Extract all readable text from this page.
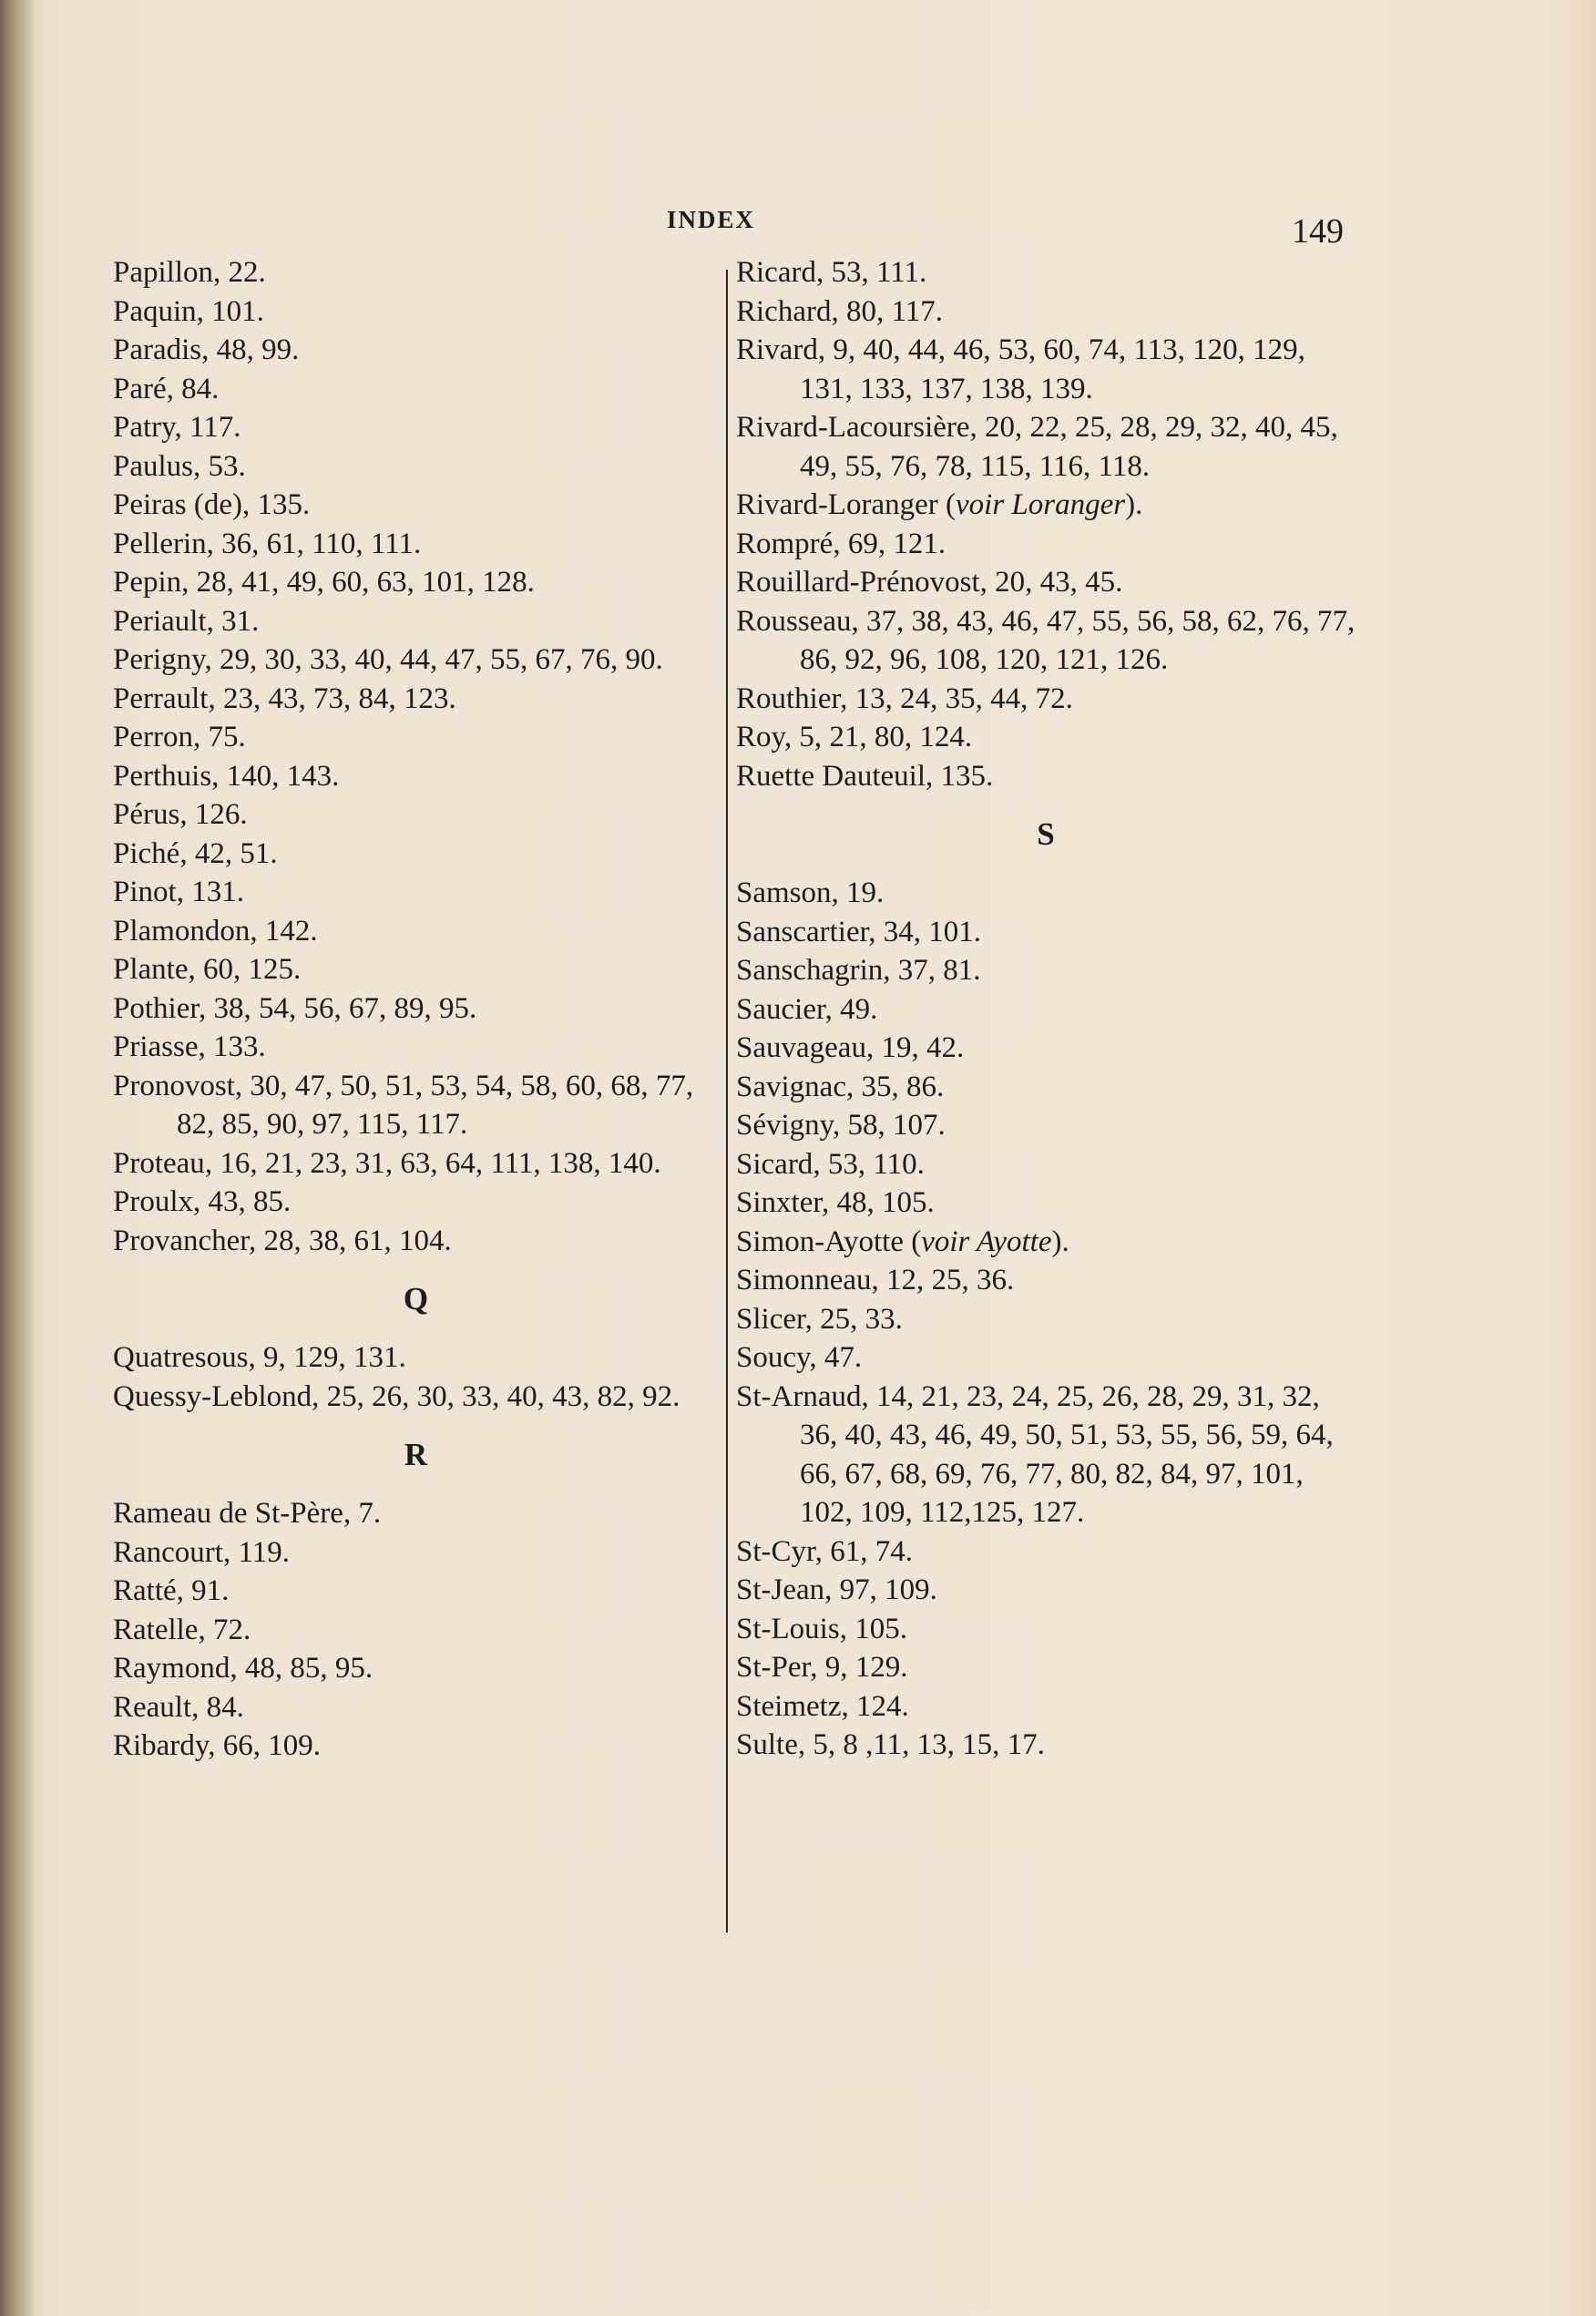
INDEX	149
Papillon, 22.
Paquin, 101.
Paradis, 48, 99.
Paré, 84.
Patry, 117.
Paulus, 53.
Peiras (de), 135.
Pellerin, 36, 61, 110, 111.
Pepin, 28, 41, 49, 60, 63, 101, 128.
Periault, 31.
Perigny, 29, 30, 33, 40, 44, 47, 55, 67, 76, 90.
Perrault, 23, 43, 73, 84, 123.
Perron, 75.
Perthuis, 140, 143.
Pérus, 126.
Piché, 42, 51.
Pinot, 131.
Plamondon, 142.
Plante, 60, 125.
Pothier, 38, 54, 56, 67, 89, 95.
Priasse, 133.
Pronovost, 30, 47, 50, 51, 53, 54, 58, 60, 68, 77, 82, 85, 90, 97, 115, 117.
Proteau, 16, 21, 23, 31, 63, 64, 111, 138, 140.
Proulx, 43, 85.
Provancher, 28, 38, 61, 104.
Q
Quatresous, 9, 129, 131.
Quessy-Leblond, 25, 26, 30, 33, 40, 43, 82, 92.
R
Rameau de St-Père, 7.
Rancourt, 119.
Ratté, 91.
Ratelle, 72.
Raymond, 48, 85, 95.
Reault, 84.
Ribardy, 66, 109.
Ricard, 53, 111.
Richard, 80, 117.
Rivard, 9, 40, 44, 46, 53, 60, 74, 113, 120, 129, 131, 133, 137, 138, 139.
Rivard-Lacoursière, 20, 22, 25, 28, 29, 32, 40, 45, 49, 55, 76, 78, 115, 116, 118.
Rivard-Loranger (voir Loranger).
Rompré, 69, 121.
Rouillard-Prénovost, 20, 43, 45.
Rousseau, 37, 38, 43, 46, 47, 55, 56, 58, 62, 76, 77, 86, 92, 96, 108, 120, 121, 126.
Routhier, 13, 24, 35, 44, 72.
Roy, 5, 21, 80, 124.
Ruette Dauteuil, 135.
S
Samson, 19.
Sanscartier, 34, 101.
Sanschagrin, 37, 81.
Saucier, 49.
Sauvageau, 19, 42.
Savignac, 35, 86.
Sévigny, 58, 107.
Sicard, 53, 110.
Sinxter, 48, 105.
Simon-Ayotte (voir Ayotte).
Simonneau, 12, 25, 36.
Slicer, 25, 33.
Soucy, 47.
St-Arnaud, 14, 21, 23, 24, 25, 26, 28, 29, 31, 32, 36, 40, 43, 46, 49, 50, 51, 53, 55, 56, 59, 64, 66, 67, 68, 69, 76, 77, 80, 82, 84, 97, 101, 102, 109, 112,125, 127.
St-Cyr, 61, 74.
St-Jean, 97, 109.
St-Louis, 105.
St-Per, 9, 129.
Steimetz, 124.
Sulte, 5, 8 ,11, 13, 15, 17.
